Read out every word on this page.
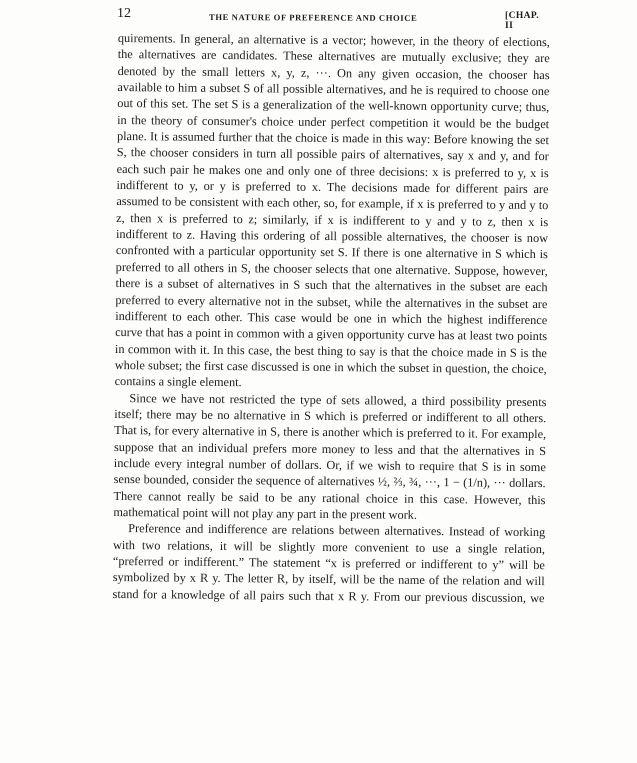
12	THE NATURE OF PREFERENCE AND CHOICE	[CHAP. II

quirements. In general, an alternative is a vector; however, in the theory of elections, the alternatives are candidates. These alternatives are mutually exclusive; they are denoted by the small letters x, y, z, ···. On any given occasion, the chooser has available to him a subset S of all possible alternatives, and he is required to choose one out of this set. The set S is a generalization of the well-known opportunity curve; thus, in the theory of consumer's choice under perfect competition it would be the budget plane. It is assumed further that the choice is made in this way: Before knowing the set S, the chooser considers in turn all possible pairs of alternatives, say x and y, and for each such pair he makes one and only one of three decisions: x is preferred to y, x is indifferent to y, or y is preferred to x. The decisions made for different pairs are assumed to be consistent with each other, so, for example, if x is preferred to y and y to z, then x is preferred to z; similarly, if x is indifferent to y and y to z, then x is indifferent to z. Having this ordering of all possible alternatives, the chooser is now confronted with a particular opportunity set S. If there is one alternative in S which is preferred to all others in S, the chooser selects that one alternative. Suppose, however, there is a subset of alternatives in S such that the alternatives in the subset are each preferred to every alternative not in the subset, while the alternatives in the subset are indifferent to each other. This case would be one in which the highest indifference curve that has a point in common with a given opportunity curve has at least two points in common with it. In this case, the best thing to say is that the choice made in S is the whole subset; the first case discussed is one in which the subset in question, the choice, contains a single element.

Since we have not restricted the type of sets allowed, a third possibility presents itself; there may be no alternative in S which is preferred or indifferent to all others. That is, for every alternative in S, there is another which is preferred to it. For example, suppose that an individual prefers more money to less and that the alternatives in S include every integral number of dollars. Or, if we wish to require that S is in some sense bounded, consider the sequence of alternatives ½, ⅔, ¾, ···, 1 − (1/n), ··· dollars. There cannot really be said to be any rational choice in this case. However, this mathematical point will not play any part in the present work.

Preference and indifference are relations between alternatives. Instead of working with two relations, it will be slightly more convenient to use a single relation, “preferred or indifferent.” The statement “x is preferred or indifferent to y” will be symbolized by x R y. The letter R, by itself, will be the name of the relation and will stand for a knowledge of all pairs such that x R y. From our previous discussion, we
